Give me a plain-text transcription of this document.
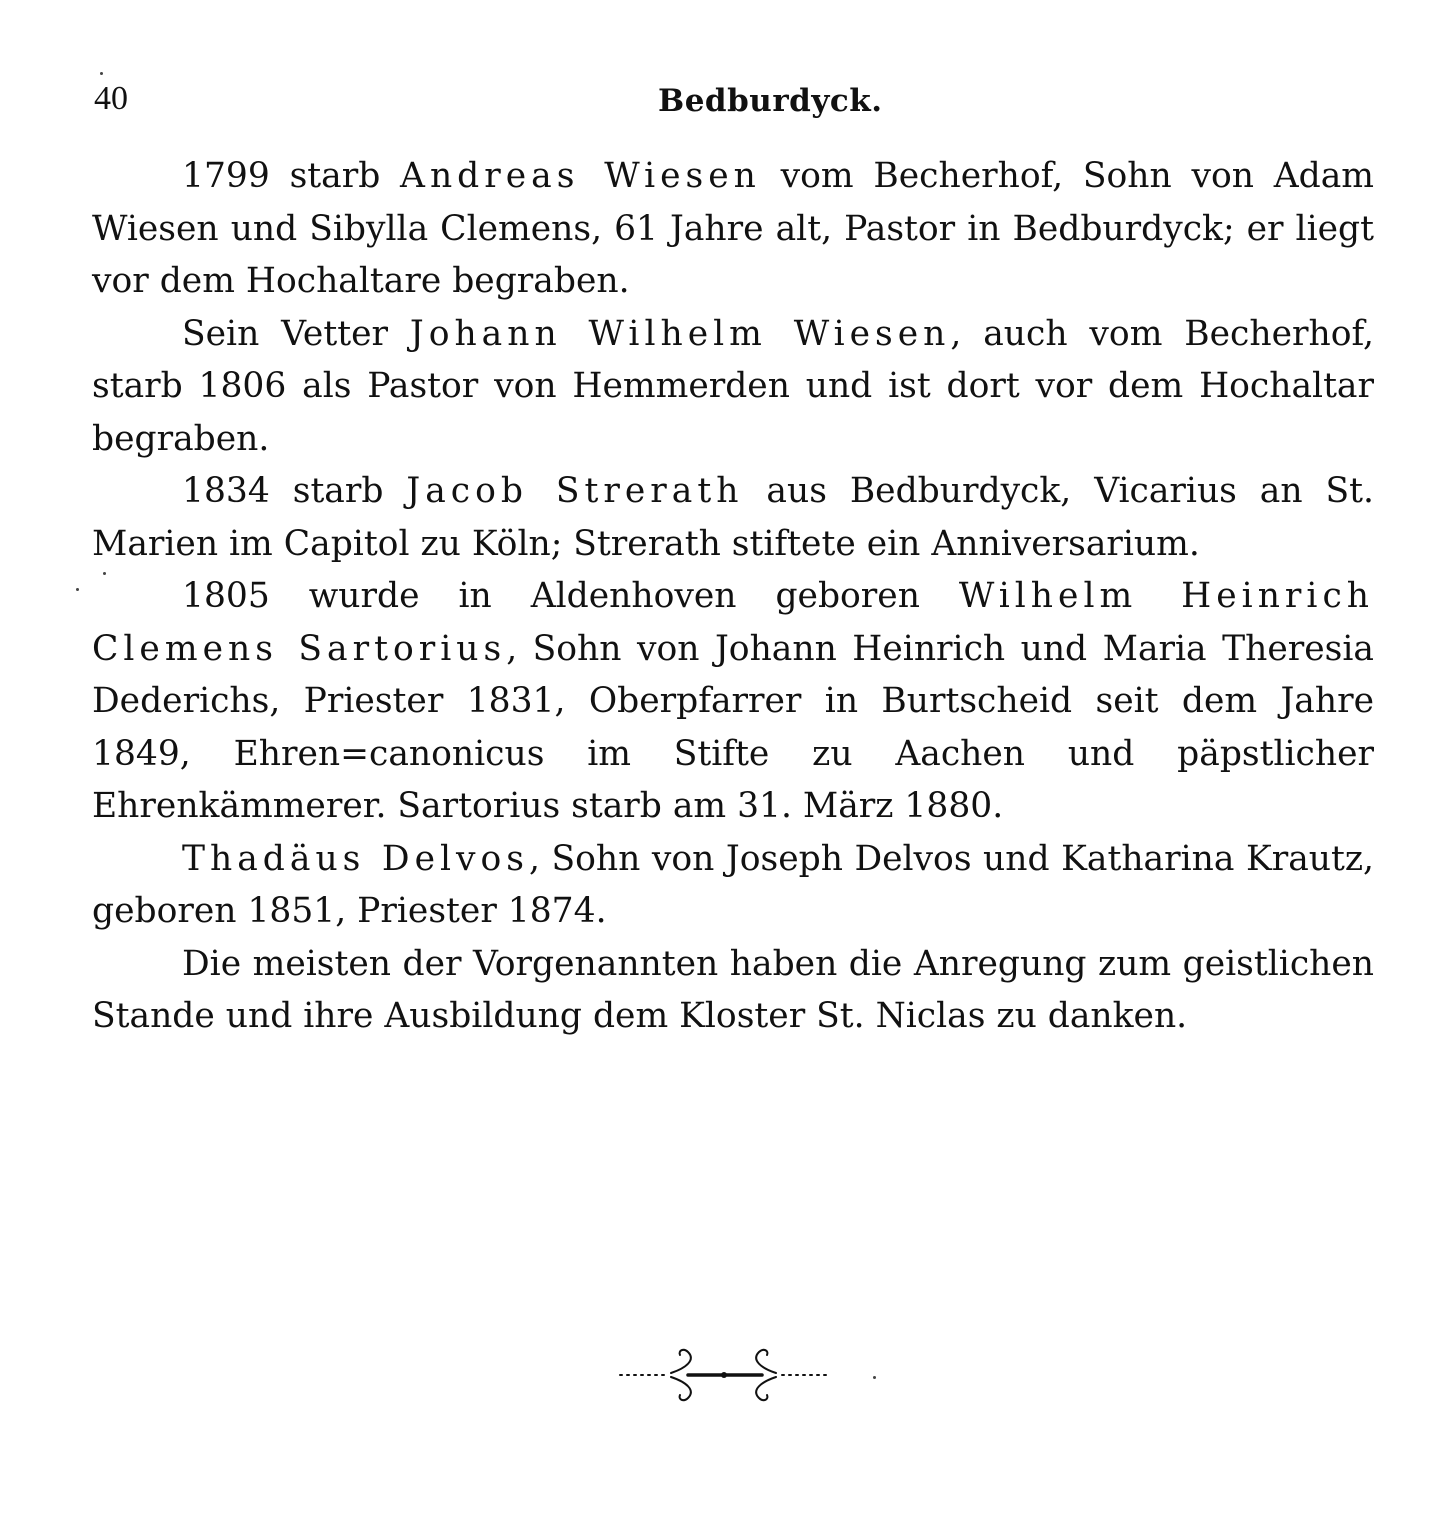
40	Bedburdyck.

1799 starb Andreas Wiesen vom Becherhof, Sohn von Adam Wiesen und Sibylla Clemens, 61 Jahre alt, Pastor in Bedburdyck; er liegt vor dem Hochaltare begraben.

Sein Vetter Johann Wilhelm Wiesen, auch vom Becherhof, starb 1806 als Pastor von Hemmerden und ist dort vor dem Hochaltar begraben.

1834 starb Jacob Strerath aus Bedburdyck, Vicarius an St. Marien im Capitol zu Köln; Strerath stiftete ein Anniversarium.

1805 wurde in Aldenhoven geboren Wilhelm Heinrich Clemens Sartorius, Sohn von Johann Heinrich und Maria Theresia Dederichs, Priester 1831, Oberpfarrer in Burtscheid seit dem Jahre 1849, Ehren=canonicus im Stifte zu Aachen und päpstlicher Ehrenkämmerer. Sartorius starb am 31. März 1880.

Thadäus Delvos, Sohn von Joseph Delvos und Katharina Krautz, geboren 1851, Priester 1874.

Die meisten der Vorgenannten haben die Anregung zum geistlichen Stande und ihre Ausbildung dem Kloster St. Niclas zu danken.
